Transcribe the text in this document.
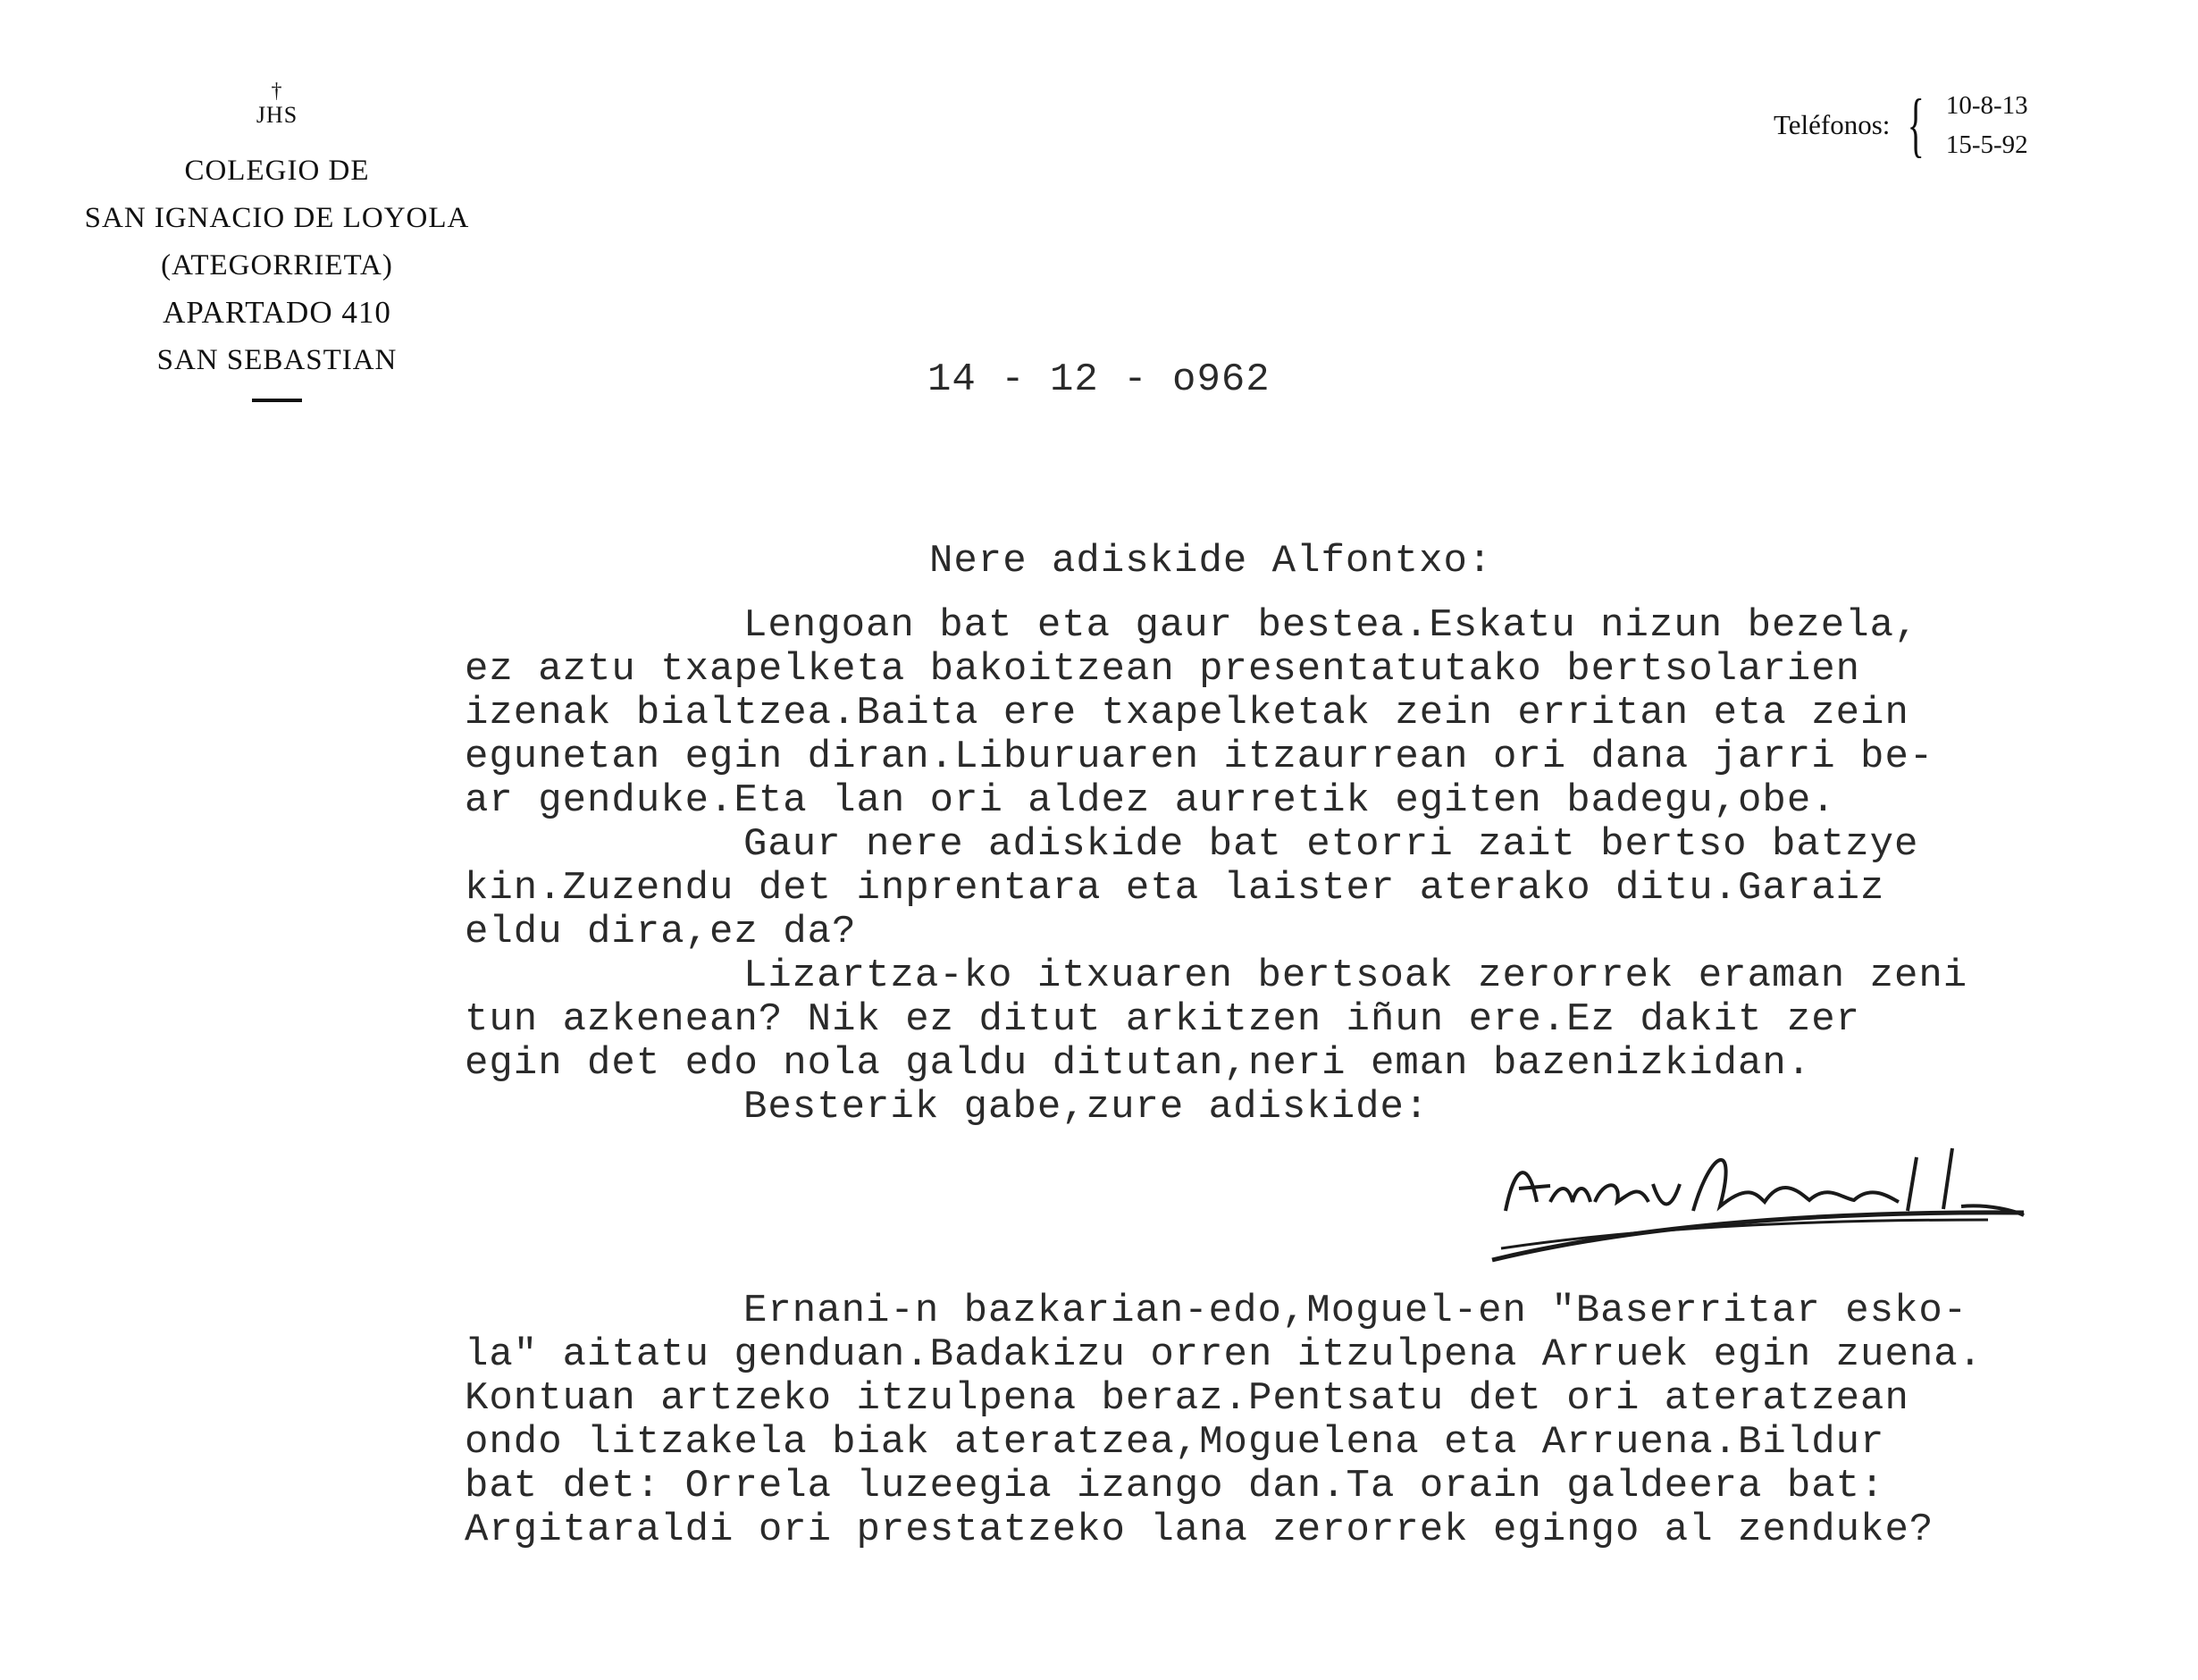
†
JHS
COLEGIO DE
SAN IGNACIO DE LOYOLA
(ATEGORRIETA)
APARTADO 410
SAN SEBASTIAN
Teléfonos: { 10-8-13
15-5-92
14 - 12 - o962
Nere adiskide Alfontxo:
Lengoan bat eta gaur bestea.Eskatu nizun bezela,
ez aztu txapelketa bakoitzean presentatutako bertsolarien
izenak bialtzea.Baita ere txapelketak zein erritan eta zein
egunetan egin diran.Liburuaren itzaurrean ori dana jarri be-
ar genduke.Eta lan ori aldez aurretik egiten badegu,obe.
Gaur nere adiskide bat etorri zait bertso batzye
kin.Zuzendu det inprentara eta laister aterako ditu.Garaiz
eldu dira,ez da?
Lizartza-ko itxuaren bertsoak zerorrek eraman zeni
tun azkenean? Nik ez ditut arkitzen iñun ere.Ez dakit zer
egin det edo nola galdu ditutan,neri eman bazenizkidan.
Besterik gabe,zure adiskide:
Antonio Lavazza
Ernani-n bazkarian-edo,Moguel-en "Baserritar esko-
la" aitatu genduan.Badakizu orren itzulpena Arruek egin zuena.
Kontuan artzeko itzulpena beraz.Pentsatu det ori ateratzean
ondo litzakela biak ateratzea,Moguelena eta Arruena.Bildur
bat det: Orrela luzeegia izango dan.Ta orain galdeera bat:
Argitaraldi ori prestatzeko lana zerorrek egingo al zenduke?
